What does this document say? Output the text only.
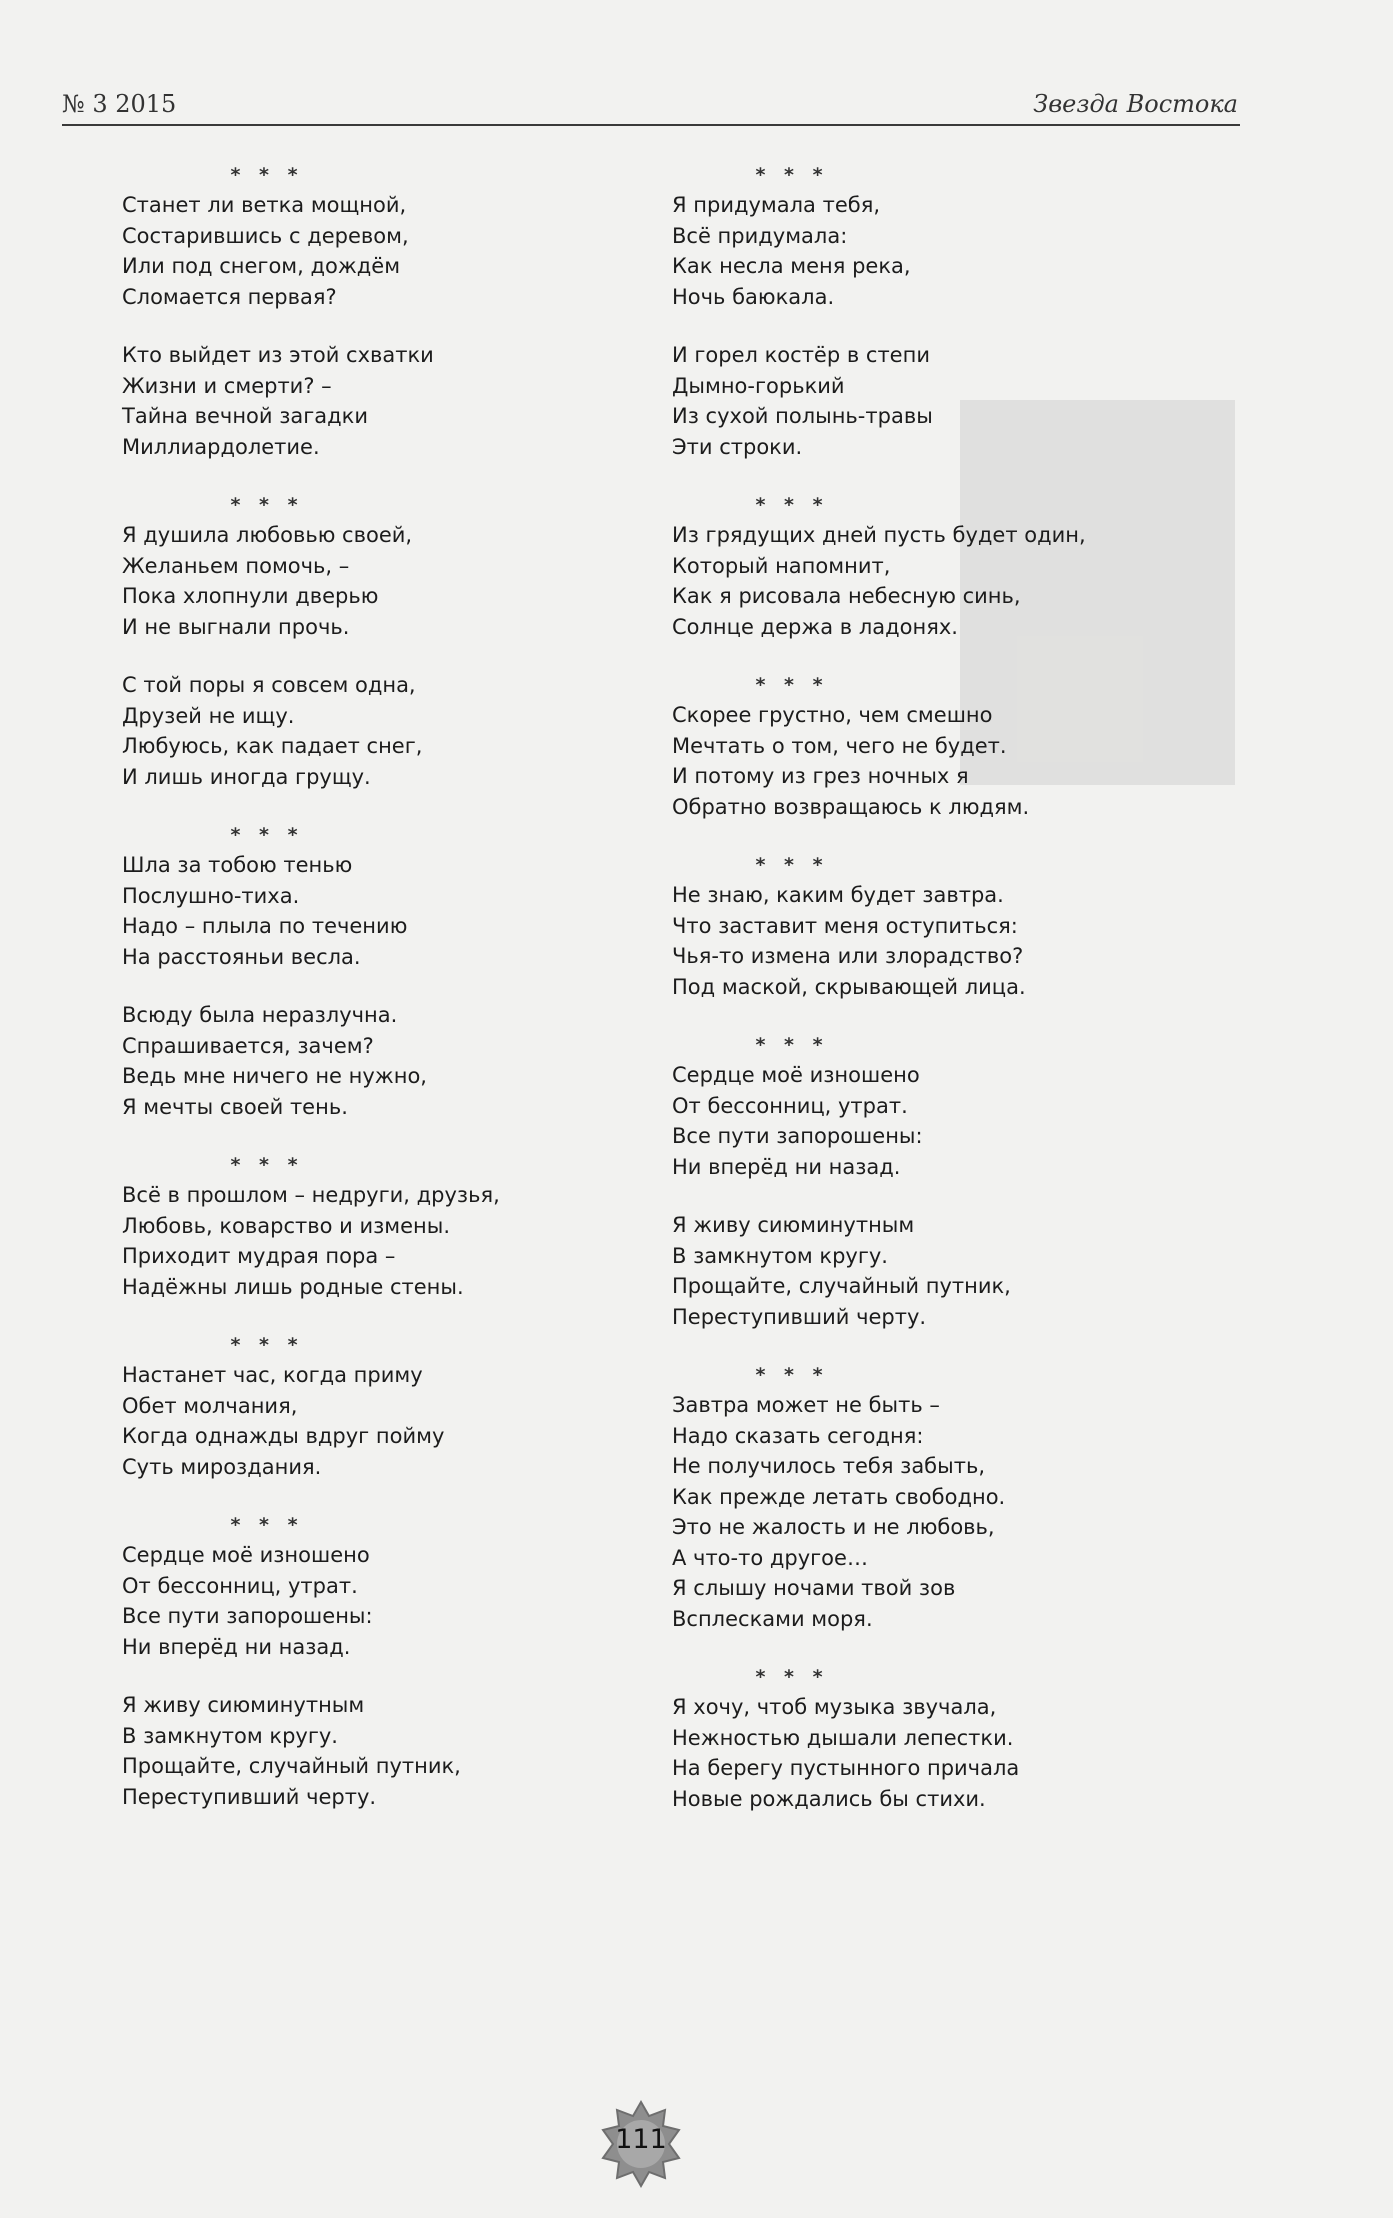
№ 3 2015	Звезда Востока
* * *
Станет ли ветка мощной,
Состарившись с деревом,
Или под снегом, дождём
Сломается первая?
Кто выйдет из этой схватки
Жизни и смерти? –
Тайна вечной загадки
Миллиардолетие.
* * *
Я душила любовью своей,
Желаньем помочь, –
Пока хлопнули дверью
И не выгнали прочь.
С той поры я совсем одна,
Друзей не ищу.
Любуюсь, как падает снег,
И лишь иногда грущу.
* * *
Шла за тобою тенью
Послушно-тиха.
Надо – плыла по течению
На расстояньи весла.
Всюду была неразлучна.
Спрашивается, зачем?
Ведь мне ничего не нужно,
Я мечты своей тень.
* * *
Всё в прошлом – недруги, друзья,
Любовь, коварство и измены.
Приходит мудрая пора –
Надёжны лишь родные стены.
* * *
Настанет час, когда приму
Обет молчания,
Когда однажды вдруг пойму
Суть мироздания.
* * *
Сердце моё изношено
От бессонниц, утрат.
Все пути запорошены:
Ни вперёд ни назад.
Я живу сиюминутным
В замкнутом кругу.
Прощайте, случайный путник,
Переступивший черту.
* * *
Я придумала тебя,
Всё придумала:
Как несла меня река,
Ночь баюкала.
И горел костёр в степи
Дымно-горький
Из сухой полынь-травы
Эти строки.
* * *
Из грядущих дней пусть будет один,
Который напомнит,
Как я рисовала небесную синь,
Солнце держа в ладонях.
* * *
Скорее грустно, чем смешно
Мечтать о том, чего не будет.
И потому из грез ночных я
Обратно возвращаюсь к людям.
* * *
Не знаю, каким будет завтра.
Что заставит меня оступиться:
Чья-то измена или злорадство?
Под маской, скрывающей лица.
* * *
Сердце моё изношено
От бессонниц, утрат.
Все пути запорошены:
Ни вперёд ни назад.
Я живу сиюминутным
В замкнутом кругу.
Прощайте, случайный путник,
Переступивший черту.
* * *
Завтра может не быть –
Надо сказать сегодня:
Не получилось тебя забыть,
Как прежде летать свободно.
Это не жалость и не любовь,
А что-то другое…
Я слышу ночами твой зов
Всплесками моря.
* * *
Я хочу, чтоб музыка звучала,
Нежностью дышали лепестки.
На берегу пустынного причала
Новые рождались бы стихи.
111
